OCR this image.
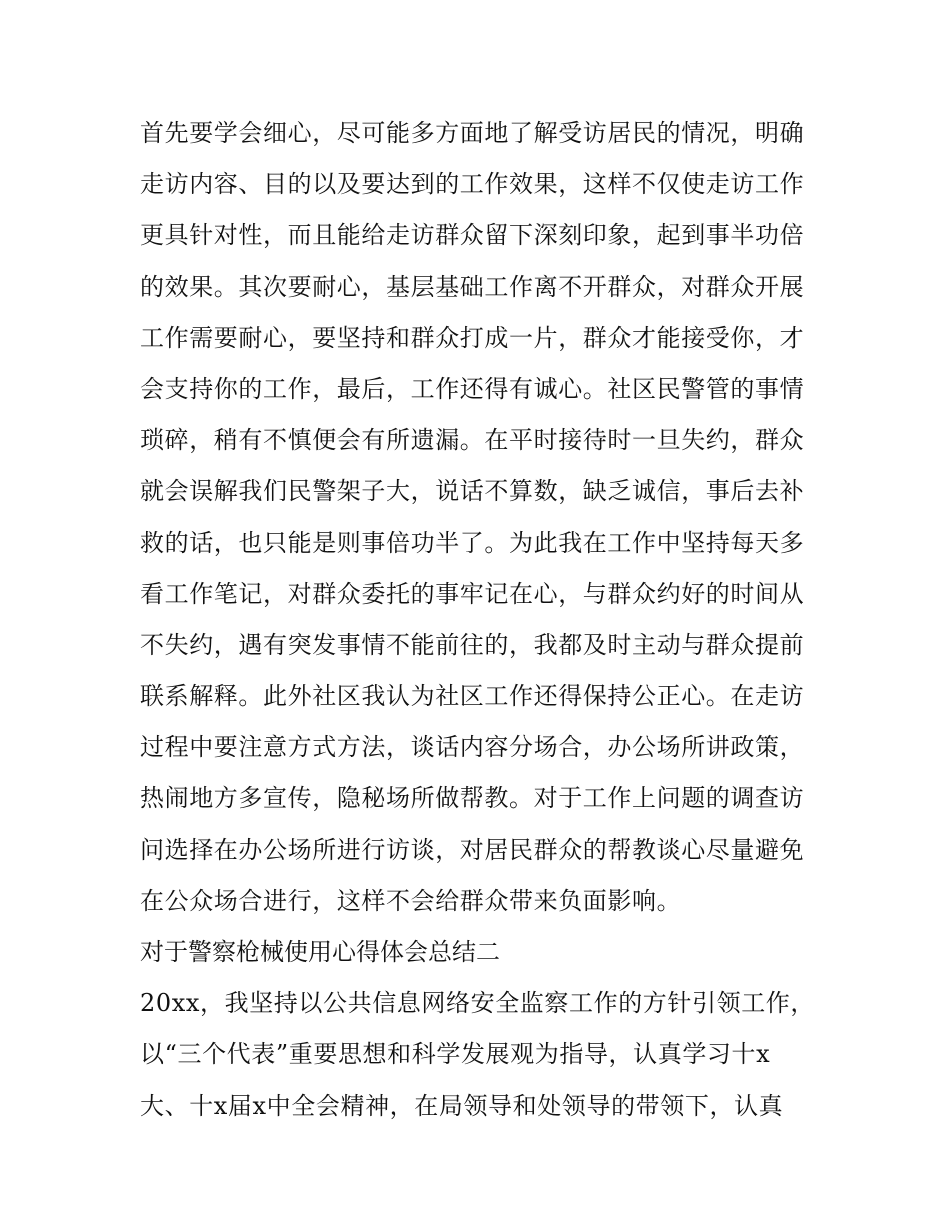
首先要学会细心，尽可能多方面地了解受访居民的情况，明确
走访内容、目的以及要达到的工作效果，这样不仅使走访工作
更具针对性，而且能给走访群众留下深刻印象，起到事半功倍
的效果。其次要耐心，基层基础工作离不开群众，对群众开展
工作需要耐心，要坚持和群众打成一片，群众才能接受你，才
会支持你的工作，最后，工作还得有诚心。社区民警管的事情
琐碎，稍有不慎便会有所遗漏。在平时接待时一旦失约，群众
就会误解我们民警架子大，说话不算数，缺乏诚信，事后去补
救的话，也只能是则事倍功半了。为此我在工作中坚持每天多
看工作笔记，对群众委托的事牢记在心，与群众约好的时间从
不失约，遇有突发事情不能前往的，我都及时主动与群众提前
联系解释。此外社区我认为社区工作还得保持公正心。在走访
过程中要注意方式方法，谈话内容分场合，办公场所讲政策，
热闹地方多宣传，隐秘场所做帮教。对于工作上问题的调查访
问选择在办公场所进行访谈，对居民群众的帮教谈心尽量避免
在公众场合进行，这样不会给群众带来负面影响。
对于警察枪械使用心得体会总结二
20xx，我坚持以公共信息网络安全监察工作的方针引领工作，
以“三个代表”重要思想和科学发展观为指导，认真学习十x
大、十x届x中全会精神，在局领导和处领导的带领下，认真
